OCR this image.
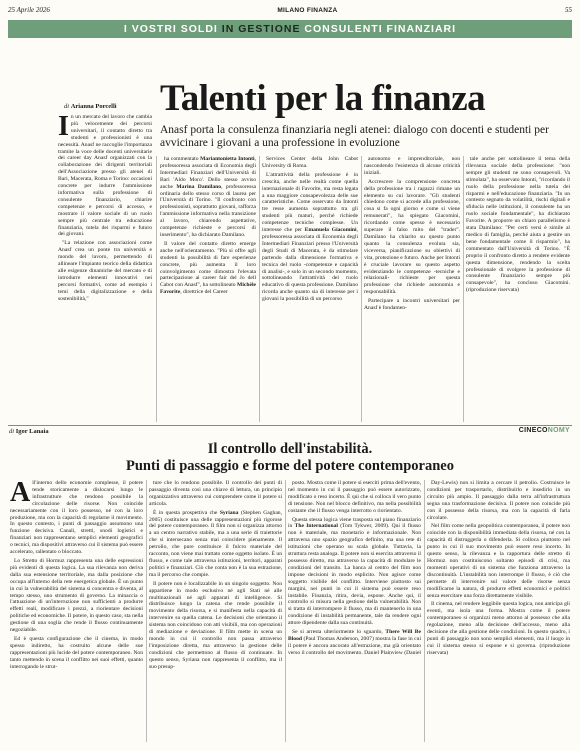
25 Aprile 2026	MILANO FINANZA	55
I VOSTRI SOLDI IN GESTIONE CONSULENTI FINANZIARI
di Arianna Porcelli Talenti per la finanza
Anasf porta la consulenza finanziaria negli atenei: dialogo con docenti e studenti per avvicinare i giovani a una professione in evoluzione

In un mercato del lavoro che cambia più velocemente dei percorsi universitari, il contatto diretto tra studenti e professionisti è una necessità. Anasf ne raccoglie l'importanza tramite la voce delle docenti universitarie dei career day Anasf organizzati con la collaborazione dei dirigenti territoriali dell'Associazione presso gli atenei di Bari, Macerata, Roma e Torino: occasioni concrete per indurre l'ammissione informativa sulla professione di consulente finanziario, chiarire competenze e percorsi di accesso, e mostrare il valore sociale di un ruolo sempre più centrale tra educazione finanziaria, tutela dei risparmi e futuro dei giovani.

"La relazione con associazioni come Anasf crea un ponte tra università e mondo del lavoro, permettendo di allineare l'impianto teorico della didattica alle esigenze dinamiche del mercato e di introdurre elementi innovativi nei percorsi formativi, come ad esempio i temi della digitalizzazione e della sostenibilità,"

ha commentato Mariantonietta Intonti, professoressa associata di Economia degli Intermediari Finanziari dell'Università di Bari 'Aldo Moro'. Dello stesso avviso anche Marina Damilano, professoressa ordinaria dello stesso corso di laurea per l'Università di Torino. "Il confronto con professionisti, soprattutto giovani, rafforza l'ammissione informativa nella transizione al lavoro, chiarendo aspettative, competenze richieste e percorsi di inserimento", ha dichiarato Damilano.

Il valore del contatto diretto emerge anche nell'orientamento. "Più si offre agli studenti la possibilità di fare esperienze concrete, più aumenta il loro coinvolgimento come dimostra l'elevata partecipazione ai career fair del Jo dell Cabot con Anasf", ha sottolineato Michèle Favorite, direttrice del Career

Services Center della John Cabot University di Roma.

L'attrattività della professione è in crescita, anche nelle realtà come quella internazionale di Favorite, ma resta legata a una maggiore consapevolezza delle sue caratteristiche. Come osservato da Intonti tre resse aumenta soprattutto tra gli studenti più maturi, perché richiede competenze tecniche complesse. Un interesse che per Emanuela Giacomini, professoressa associata di Economia degli Intermediari Finanziari presso l'Università degli Studi di Macerata, è da stimolare partendo dalla dimensione formativa e tecnica del ruolo -competenze e capacità di analisi-, e solo in un secondo momento, sottolineando l'attrattività del ruolo educativo di questa professione. Damilano ricorda anche quanto sia di interesse per i giovani la possibilità di un percorso

autonomo e imprenditoriale, non nascondendo l'esistenza di alcune criticità iniziali.

Accrescere la comprensione concreta della professione tra i ragazzi rimane un elemento su cui lavorare. "Gli studenti chiedono come si accede alla professione, cosa si fa ogni giorno e come si viene remunerati", ha spiegato Giacomini, ricordando come spesso è necessario superare il falso mito del "trader". Damilano ha chiarito su questo punto quanto la consulenza evoluta sia, viceversa, pianificazione su obiettivi di vita, protezione e futuro. Anche per Intonti è cruciale lavorare su questo aspetto evidenziando le competenze -tecniche e relazionali- richieste per questa professione che richiede autonomia e responsabilità.

Partecipare a incontri universitari per Anasf è fondamen-

tale anche per sottolineare il tema della rilevanza sociale della professione: "non sempre gli studenti ne sono consapevoli. Va stimolata", ha osservato Intonti, "ricordando il ruolo della professione nella tutela dei risparmi e nell'educazione finanziaria. "In un contesto segnato da volatilità, rischi digitali e sfiducia nelle istituzioni, il consulente ha un ruolo sociale fondamentale", ha dichiarato Favorite. A proporre un chiaro parallelismo è stata Damilano: "Per certi versi è simile al medico di famiglia, perché aiuta a gestire un bene fondamentale come il risparmio", ha commentato dall'Università di Torino. "È proprio il confronto diretto a rendere evidente questa dimensione, rendendo la scelta professionale di svolgere la professione di consulente finanziario sempre più consapevole", ha concluso Giacomini. (riproduzione riservata)

di Igor Lanaia	CINECONOMY
Il controllo dell'instabilità.
Punti di passaggio e forme del potere contemporaneo

All'interno dello economie complesse, il potere tende storicamente a dislocarsi lungo le infrastrutture che rendono possibile la circolazione delle risorse. Non coincide necessariamente con il loro possesso, né con la loro produzione, ma con la capacità di regolarne il movimento. In questo contesto, i punti di passaggio assumono una funzione decisiva. Canali, stretti, snodi logistici e finanziari non rappresentano semplici elementi geografici o tecnici, ma dispositivi attraverso cui il sistema può essere accelerato, rallentato o bloccato.

Lo Stretto di Hormuz rappresenta una delle espressioni più evidenti di questa logica. La sua rilevanza non deriva dalla sua estensione territoriale, ma dalla posizione che occupa all'interno della rete energetica globale. È un punto in cui la vulnerabilità del sistema si concentra e diventa, al tempo stesso, uno strumento di governo. La minaccia o l'attuazione di un'interruzione non sufficienti a produrre effetti reali, modificare i prezzi, a riorientare decisioni politiche ed economiche. Il potere, in questo caso, sta nella gestione di una soglia che rende il flusso continuamente negoziabile.

Ed è questa configurazione che il cinema, in modo spesso indiretto, ha costruito alcune delle sue rappresentazioni più lucide del potere contemporaneo. Non tanto mettendo in scena il conflitto nei suoi effetti, quanto interrogando le strut-

ture che lo rendono possibile. Il controllo dei punti di passaggio diventa così una chiave di lettura, un principio organizzativo attraverso cui comprendere come il potere si articola.

È in questa prospettiva che Syriana (Stephen Gaghan, 2005) costituisce una delle rappresentazioni più rigorose del potere contemporaneo. Il film non si organizza attorno a un centro narrativo stabile, ma a una serie di traiettorie che si intersecano senza mai coincidere pienamente. Il petrolio, che pure costituisce il fulcro materiale del racconto, non viene mai trattato come oggetto isolato. È un flusso, e come tale attraversa istituzioni, territori, apparati politici e finanziari. Ciò che conta non è la sua estrazione, ma il percorso che compie.

Il potere non è localizzabile in un singolo soggetto. Non appartiene in modo esclusivo né agli Stati né alle multinazionali né agli apparati di intelligence. Si distribuisce lungo la catena che rende possibile il movimento della risorsa, e si manifesta nella capacità di intervenire su quella catena. Le decisioni che orientano il sistema non coincidono con atti visibili, ma con operazioni di mediazione e deviazione. Il film mette in scena un mondo in cui il controllo non passa attraverso l'imposizione diretta, ma attraverso la gestione delle condizioni che permettono al flusso di continuare. In questo senso, Syriana non rappresenta il conflitto, ma il suo presup-

posto. Mostra come il potere si eserciti prima dell'evento, nel momento in cui il passaggio può essere autorizzato, modificato o reso incerto. È qui che si colloca il vero punto di tensione. Non nel blocco definitivo, ma nella possibilità costante che il flusso venga interrotto o riorientato.

Questa stessa logica viene trasposta sul piano finanziario in The International (Tom Tykwer, 2009). Qui il flusso non è materiale, ma monetario e informazionale. Non attraversa uno spazio geografico definito, ma una rete di istituzioni che operano su scala globale. Tuttavia, la struttura resta analoga. Il potere non si esercita attraverso il possesso diretto, ma attraverso la capacità di modulare le condizioni del transito. La banca al centro del film non impone decisioni in modo esplicito. Non agisce come soggetto visibile del conflitto. Interviene piuttosto sui margini, nei punti in cui il sistema può essere reso instabile. Finanzia, ritira, devia, espone. Anche qui, il controllo si misura nella gestione della vulnerabilità. Non si tratta di interrompere il flusso, ma di mantenerlo in una condizione di instabilità permanente, tale da rendere ogni attore dipendente dalla sua continuità.

Se si arresta ulteriormente lo sguardo, There Will Be Blood (Paul Thomas Anderson, 2007) mostra la fase in cui il potere è ancora ancorato all'estrazione, ma già orientato verso il controllo del movimento. Daniel Plainview (Daniel

Day-Lewis) non si limita a cercare il petrolio. Costruisce le condizioni per trasportarlo, distribuirlo e insedirlo in un circuito più ampio. Il passaggio dalla terra all'infrastruttura segna una trasformazione decisiva. Il potere non coincide più con il possesso della risorsa, ma con la capacità di farla circolare.

Nel film come nella geopolitica contemporanea, il potere non coincide con la disponibilità immediata della risorsa, né con la capacità di distruggerla o difenderla. Si colloca piuttosto nel punto in cui il suo movimento può essere reso incerto. In questo senso, la rilevanza e la rapportura delle stretto di Hormuz non costituiscono soltanto episodi di crisi, ma momenti operativi di un sistema che funziona attraverso la discontinuità. L'instabilità non interrompe il flusso, è ciò che permette di intervenire sul valore delle risorse senza modificarne la natura, di produrre effetti economici e politici senza esercitare una forza direttamente visibile.

Il cinema, nel rendere leggibile questa logica, non anticipa gli eventi, ma isola una forma. Mostra come il potere contemporaneo si organizzi meno attorno al possesso che alla regolazione, meno alla decisione dell'accesso, meno alla decisione che alla gestione delle condizioni. In questo quadro, i punti di passaggio non sono semplici elementi, ma il luogo in cui il sistema stesso si espone e si governa. (riproduzione riservata)
